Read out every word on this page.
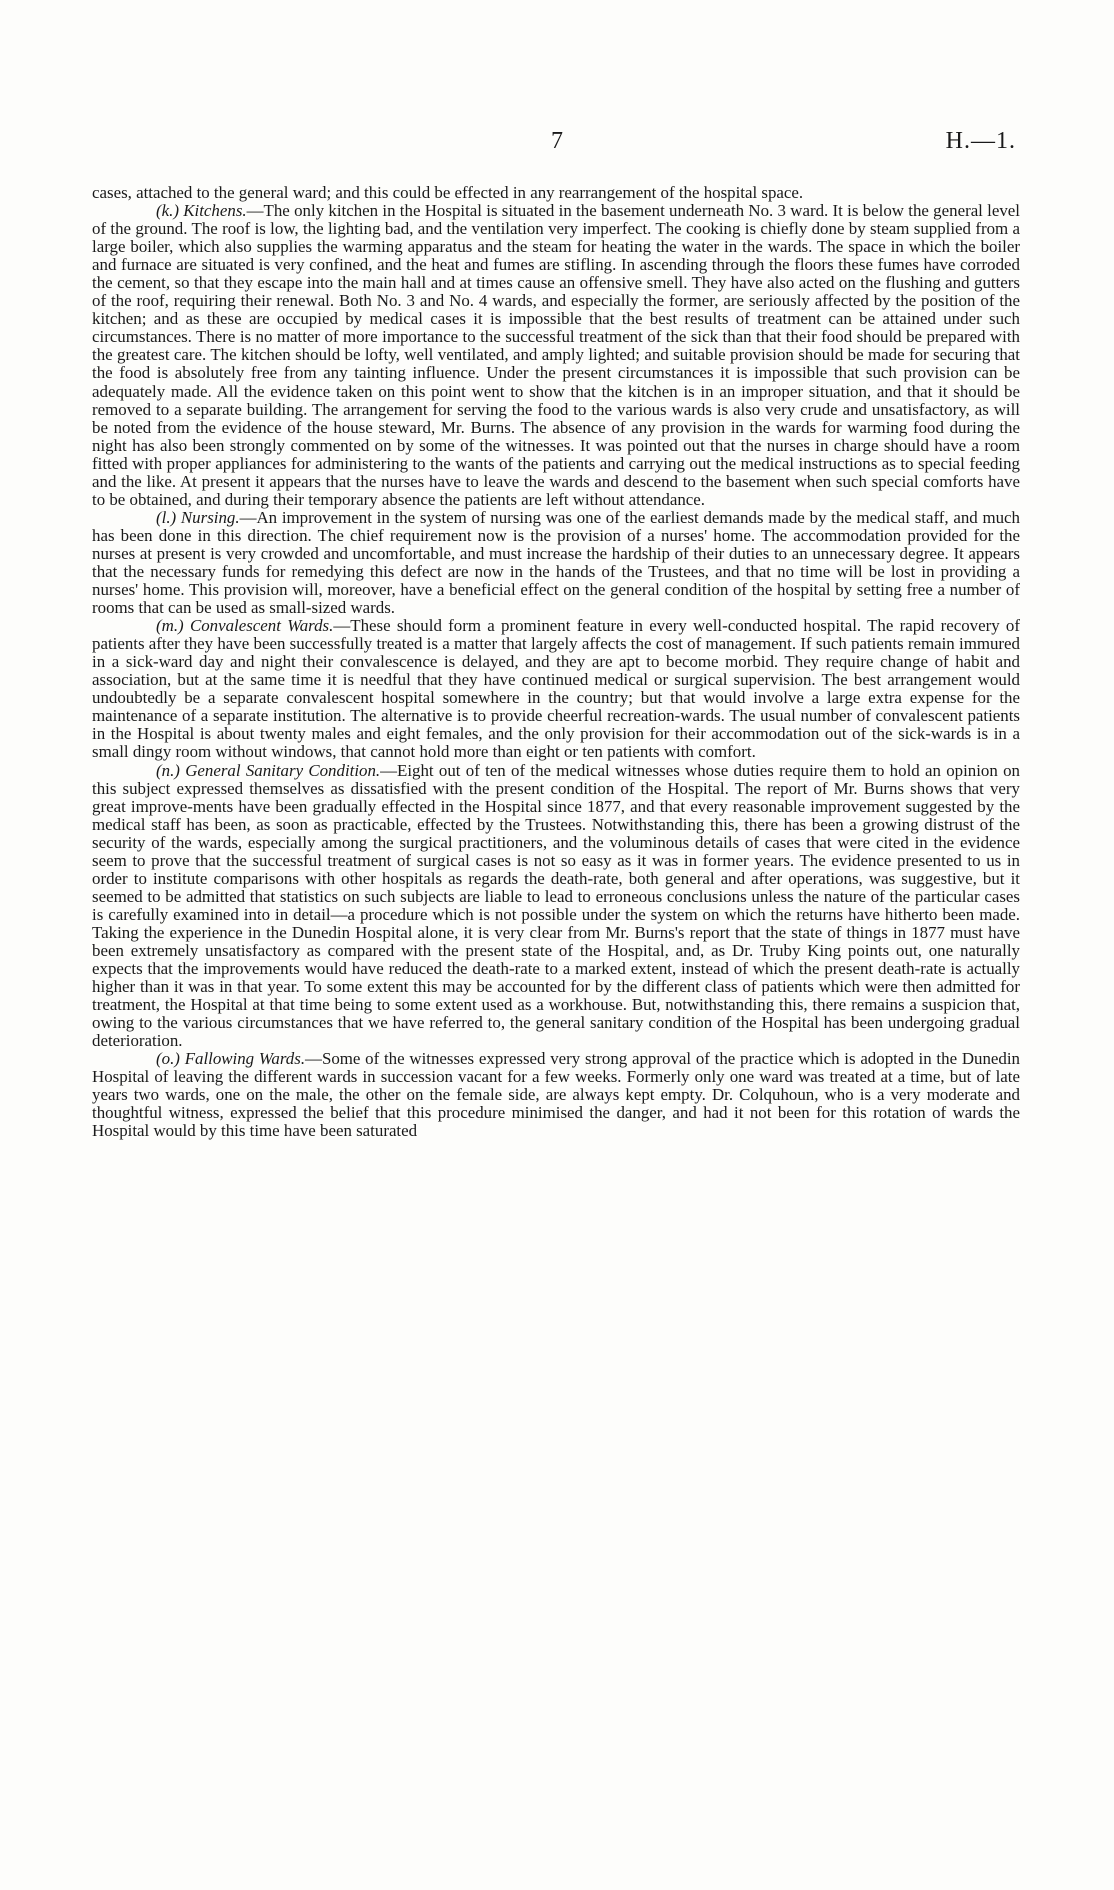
7	H.—1.

cases, attached to the general ward; and this could be effected in any rearrangement of the hospital space.

(k.) Kitchens.—The only kitchen in the Hospital is situated in the basement underneath No. 3 ward. It is below the general level of the ground. The roof is low, the lighting bad, and the ventilation very imperfect. The cooking is chiefly done by steam supplied from a large boiler, which also supplies the warming apparatus and the steam for heating the water in the wards. The space in which the boiler and furnace are situated is very confined, and the heat and fumes are stifling. In ascending through the floors these fumes have corroded the cement, so that they escape into the main hall and at times cause an offensive smell. They have also acted on the flushing and gutters of the roof, requiring their renewal. Both No. 3 and No. 4 wards, and especially the former, are seriously affected by the position of the kitchen; and as these are occupied by medical cases it is impossible that the best results of treatment can be attained under such circumstances. There is no matter of more importance to the successful treatment of the sick than that their food should be prepared with the greatest care. The kitchen should be lofty, well ventilated, and amply lighted; and suitable provision should be made for securing that the food is absolutely free from any tainting influence. Under the present circumstances it is impossible that such provision can be adequately made. All the evidence taken on this point went to show that the kitchen is in an improper situation, and that it should be removed to a separate building. The arrangement for serving the food to the various wards is also very crude and unsatisfactory, as will be noted from the evidence of the house steward, Mr. Burns. The absence of any provision in the wards for warming food during the night has also been strongly commented on by some of the witnesses. It was pointed out that the nurses in charge should have a room fitted with proper appliances for administering to the wants of the patients and carrying out the medical instructions as to special feeding and the like. At present it appears that the nurses have to leave the wards and descend to the basement when such special comforts have to be obtained, and during their temporary absence the patients are left without attendance.

(l.) Nursing.—An improvement in the system of nursing was one of the earliest demands made by the medical staff, and much has been done in this direction. The chief requirement now is the provision of a nurses' home. The accommodation provided for the nurses at present is very crowded and uncomfortable, and must increase the hardship of their duties to an unnecessary degree. It appears that the necessary funds for remedying this defect are now in the hands of the Trustees, and that no time will be lost in providing a nurses' home. This provision will, moreover, have a beneficial effect on the general condition of the hospital by setting free a number of rooms that can be used as small-sized wards.

(m.) Convalescent Wards.—These should form a prominent feature in every well-conducted hospital. The rapid recovery of patients after they have been successfully treated is a matter that largely affects the cost of management. If such patients remain immured in a sick-ward day and night their convalescence is delayed, and they are apt to become morbid. They require change of habit and association, but at the same time it is needful that they have continued medical or surgical supervision. The best arrangement would undoubtedly be a separate convalescent hospital somewhere in the country; but that would involve a large extra expense for the maintenance of a separate institution. The alternative is to provide cheerful recreation-wards. The usual number of convalescent patients in the Hospital is about twenty males and eight females, and the only provision for their accommodation out of the sick-wards is in a small dingy room without windows, that cannot hold more than eight or ten patients with comfort.

(n.) General Sanitary Condition.—Eight out of ten of the medical witnesses whose duties require them to hold an opinion on this subject expressed themselves as dissatisfied with the present condition of the Hospital. The report of Mr. Burns shows that very great improve-ments have been gradually effected in the Hospital since 1877, and that every reasonable improvement suggested by the medical staff has been, as soon as practicable, effected by the Trustees. Notwithstanding this, there has been a growing distrust of the security of the wards, especially among the surgical practitioners, and the voluminous details of cases that were cited in the evidence seem to prove that the successful treatment of surgical cases is not so easy as it was in former years. The evidence presented to us in order to institute comparisons with other hospitals as regards the death-rate, both general and after operations, was suggestive, but it seemed to be admitted that statistics on such subjects are liable to lead to erroneous conclusions unless the nature of the particular cases is carefully examined into in detail—a procedure which is not possible under the system on which the returns have hitherto been made. Taking the experience in the Dunedin Hospital alone, it is very clear from Mr. Burns's report that the state of things in 1877 must have been extremely unsatisfactory as compared with the present state of the Hospital, and, as Dr. Truby King points out, one naturally expects that the improvements would have reduced the death-rate to a marked extent, instead of which the present death-rate is actually higher than it was in that year. To some extent this may be accounted for by the different class of patients which were then admitted for treatment, the Hospital at that time being to some extent used as a workhouse. But, notwithstanding this, there remains a suspicion that, owing to the various circumstances that we have referred to, the general sanitary condition of the Hospital has been undergoing gradual deterioration.

(o.) Fallowing Wards.—Some of the witnesses expressed very strong approval of the practice which is adopted in the Dunedin Hospital of leaving the different wards in succession vacant for a few weeks. Formerly only one ward was treated at a time, but of late years two wards, one on the male, the other on the female side, are always kept empty. Dr. Colquhoun, who is a very moderate and thoughtful witness, expressed the belief that this procedure minimised the danger, and had it not been for this rotation of wards the Hospital would by this time have been saturated
